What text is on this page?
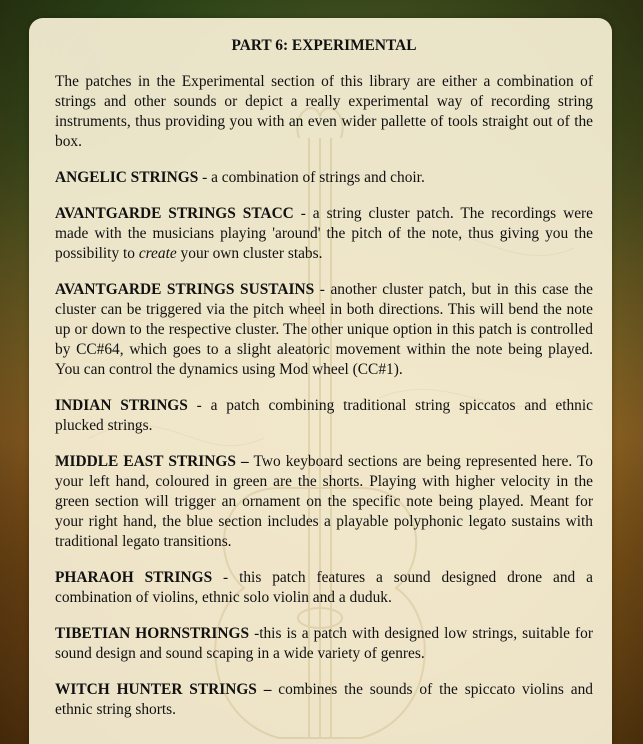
PART 6: EXPERIMENTAL

The patches in the Experimental section of this library are either a combination of strings and other sounds or depict a really experimental way of recording string instruments, thus providing you with an even wider pallette of tools straight out of the box.

ANGELIC STRINGS - a combination of strings and choir.

AVANTGARDE STRINGS STACC - a string cluster patch. The recordings were made with the musicians playing 'around' the pitch of the note, thus giving you the possibility to create your own cluster stabs.

AVANTGARDE STRINGS SUSTAINS - another cluster patch, but in this case the cluster can be triggered via the pitch wheel in both directions. This will bend the note up or down to the respective cluster. The other unique option in this patch is controlled by CC#64, which goes to a slight aleatoric movement within the note being played. You can control the dynamics using Mod wheel (CC#1).

INDIAN STRINGS - a patch combining traditional string spiccatos and ethnic plucked strings.

MIDDLE EAST STRINGS – Two keyboard sections are being represented here. To your left hand, coloured in green are the shorts. Playing with higher velocity in the green section will trigger an ornament on the specific note being played. Meant for your right hand, the blue section includes a playable polyphonic legato sustains with traditional legato transitions.

PHARAOH STRINGS - this patch features a sound designed drone and a combination of violins, ethnic solo violin and a duduk.

TIBETIAN HORNSTRINGS -this is a patch with designed low strings, suitable for sound design and sound scaping in a wide variety of genres.

WITCH HUNTER STRINGS – combines the sounds of the spiccato violins and ethnic string shorts.
